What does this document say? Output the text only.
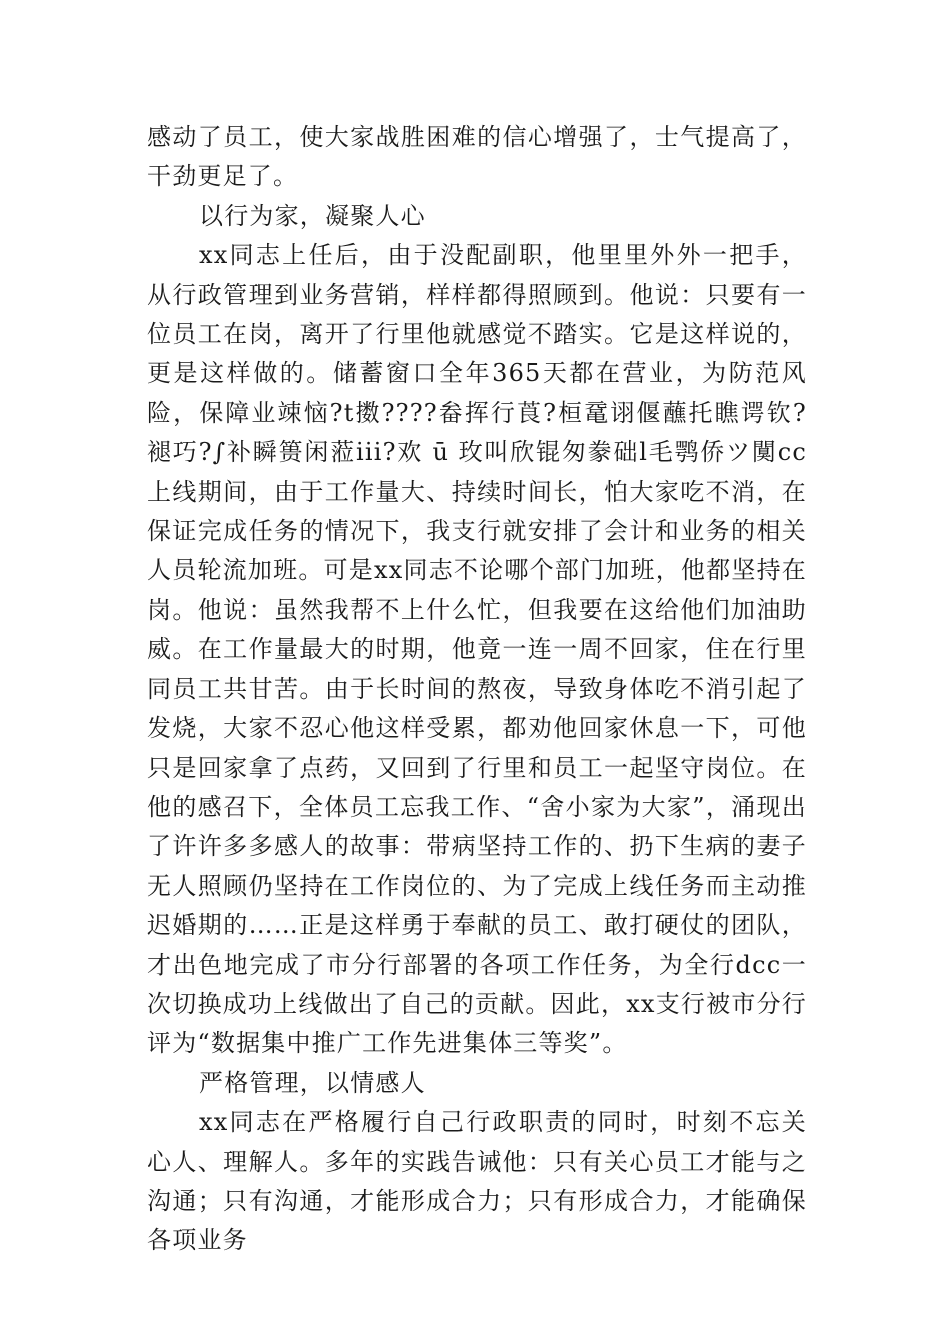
感动了员工，使大家战胜困难的信心增强了，士气提高了，干劲更足了。

以行为家，凝聚人心

xx同志上任后，由于没配副职，他里里外外一把手，从行政管理到业务营销，样样都得照顾到。他说：只要有一位员工在岗，离开了行里他就感觉不踏实。它是这样说的，更是这样做的。储蓄窗口全年365天都在营业，为防范风险，保障业竦恼?t擞????畚挥行莨?桓鼋诩偃蘸托瞧谔钦?褪巧?∫补瞬篑闲蒞iii?欢 ū 玫叫欣锟匆豢础l毛鹗侨ツ闃cc上线期间，由于工作量大、持续时间长，怕大家吃不消，在保证完成任务的情况下，我支行就安排了会计和业务的相关人员轮流加班。可是xx同志不论哪个部门加班，他都坚持在岗。他说：虽然我帮不上什么忙，但我要在这给他们加油助威。在工作量最大的时期，他竟一连一周不回家，住在行里同员工共甘苦。由于长时间的熬夜，导致身体吃不消引起了发烧，大家不忍心他这样受累，都劝他回家休息一下，可他只是回家拿了点药，又回到了行里和员工一起坚守岗位。在他的感召下，全体员工忘我工作、“舍小家为大家”，涌现出了许许多多感人的故事：带病坚持工作的、扔下生病的妻子无人照顾仍坚持在工作岗位的、为了完成上线任务而主动推迟婚期的……正是这样勇于奉献的员工、敢打硬仗的团队，才出色地完成了市分行部署的各项工作任务，为全行dcc一次切换成功上线做出了自己的贡献。因此，xx支行被市分行评为“数据集中推广工作先进集体三等奖”。

严格管理，以情感人

xx同志在严格履行自己行政职责的同时，时刻不忘关心人、理解人。多年的实践告诫他：只有关心员工才能与之沟通；只有沟通，才能形成合力；只有形成合力，才能确保各项业务
